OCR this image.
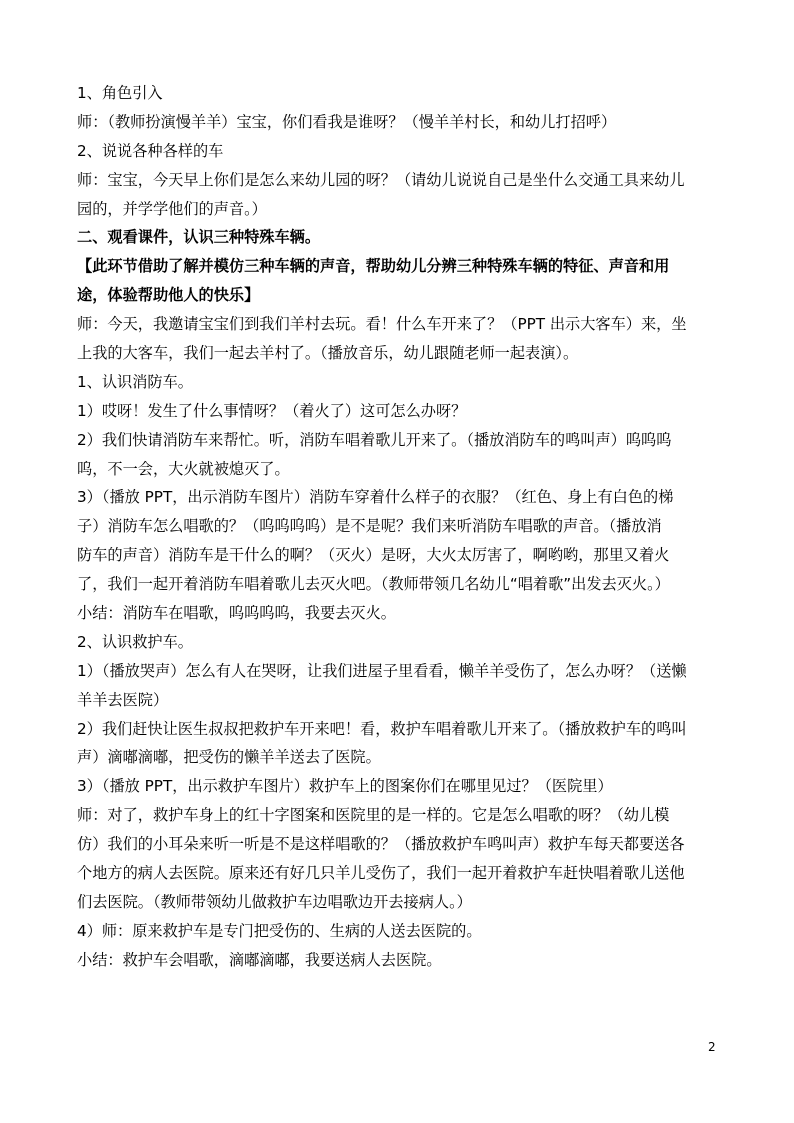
1、角色引入
师：（教师扮演慢羊羊）宝宝，你们看我是谁呀？（慢羊羊村长，和幼儿打招呼）
2、说说各种各样的车
师：宝宝，今天早上你们是怎么来幼儿园的呀？（请幼儿说说自己是坐什么交通工具来幼儿
园的，并学学他们的声音。）
二、观看课件，认识三种特殊车辆。
【此环节借助了解并模仿三种车辆的声音，帮助幼儿分辨三种特殊车辆的特征、声音和用
途，体验帮助他人的快乐】
师：今天，我邀请宝宝们到我们羊村去玩。看！什么车开来了？（PPT 出示大客车）来，坐
上我的大客车，我们一起去羊村了。（播放音乐，幼儿跟随老师一起表演）。
1、认识消防车。
1）哎呀！发生了什么事情呀？（着火了）这可怎么办呀？
2）我们快请消防车来帮忙。听，消防车唱着歌儿开来了。（播放消防车的鸣叫声）呜呜呜
呜，不一会，大火就被熄灭了。
3）（播放 PPT，出示消防车图片）消防车穿着什么样子的衣服？（红色、身上有白色的梯
子）消防车怎么唱歌的？（呜呜呜呜）是不是呢？我们来听消防车唱歌的声音。（播放消
防车的声音）消防车是干什么的啊？（灭火）是呀，大火太厉害了，啊哟哟，那里又着火
了，我们一起开着消防车唱着歌儿去灭火吧。（教师带领几名幼儿“唱着歌”出发去灭火。）
小结：消防车在唱歌，呜呜呜呜，我要去灭火。
2、认识救护车。
1）（播放哭声）怎么有人在哭呀，让我们进屋子里看看，懒羊羊受伤了，怎么办呀？（送懒
羊羊去医院）
2）我们赶快让医生叔叔把救护车开来吧！看，救护车唱着歌儿开来了。（播放救护车的鸣叫
声）滴嘟滴嘟，把受伤的懒羊羊送去了医院。
3）（播放 PPT，出示救护车图片）救护车上的图案你们在哪里见过？（医院里）
师：对了，救护车身上的红十字图案和医院里的是一样的。它是怎么唱歌的呀？（幼儿模
仿）我们的小耳朵来听一听是不是这样唱歌的？（播放救护车鸣叫声）救护车每天都要送各
个地方的病人去医院。原来还有好几只羊儿受伤了，我们一起开着救护车赶快唱着歌儿送他
们去医院。（教师带领幼儿做救护车边唱歌边开去接病人。）
4）师：原来救护车是专门把受伤的、生病的人送去医院的。
小结：救护车会唱歌，滴嘟滴嘟，我要送病人去医院。
2
